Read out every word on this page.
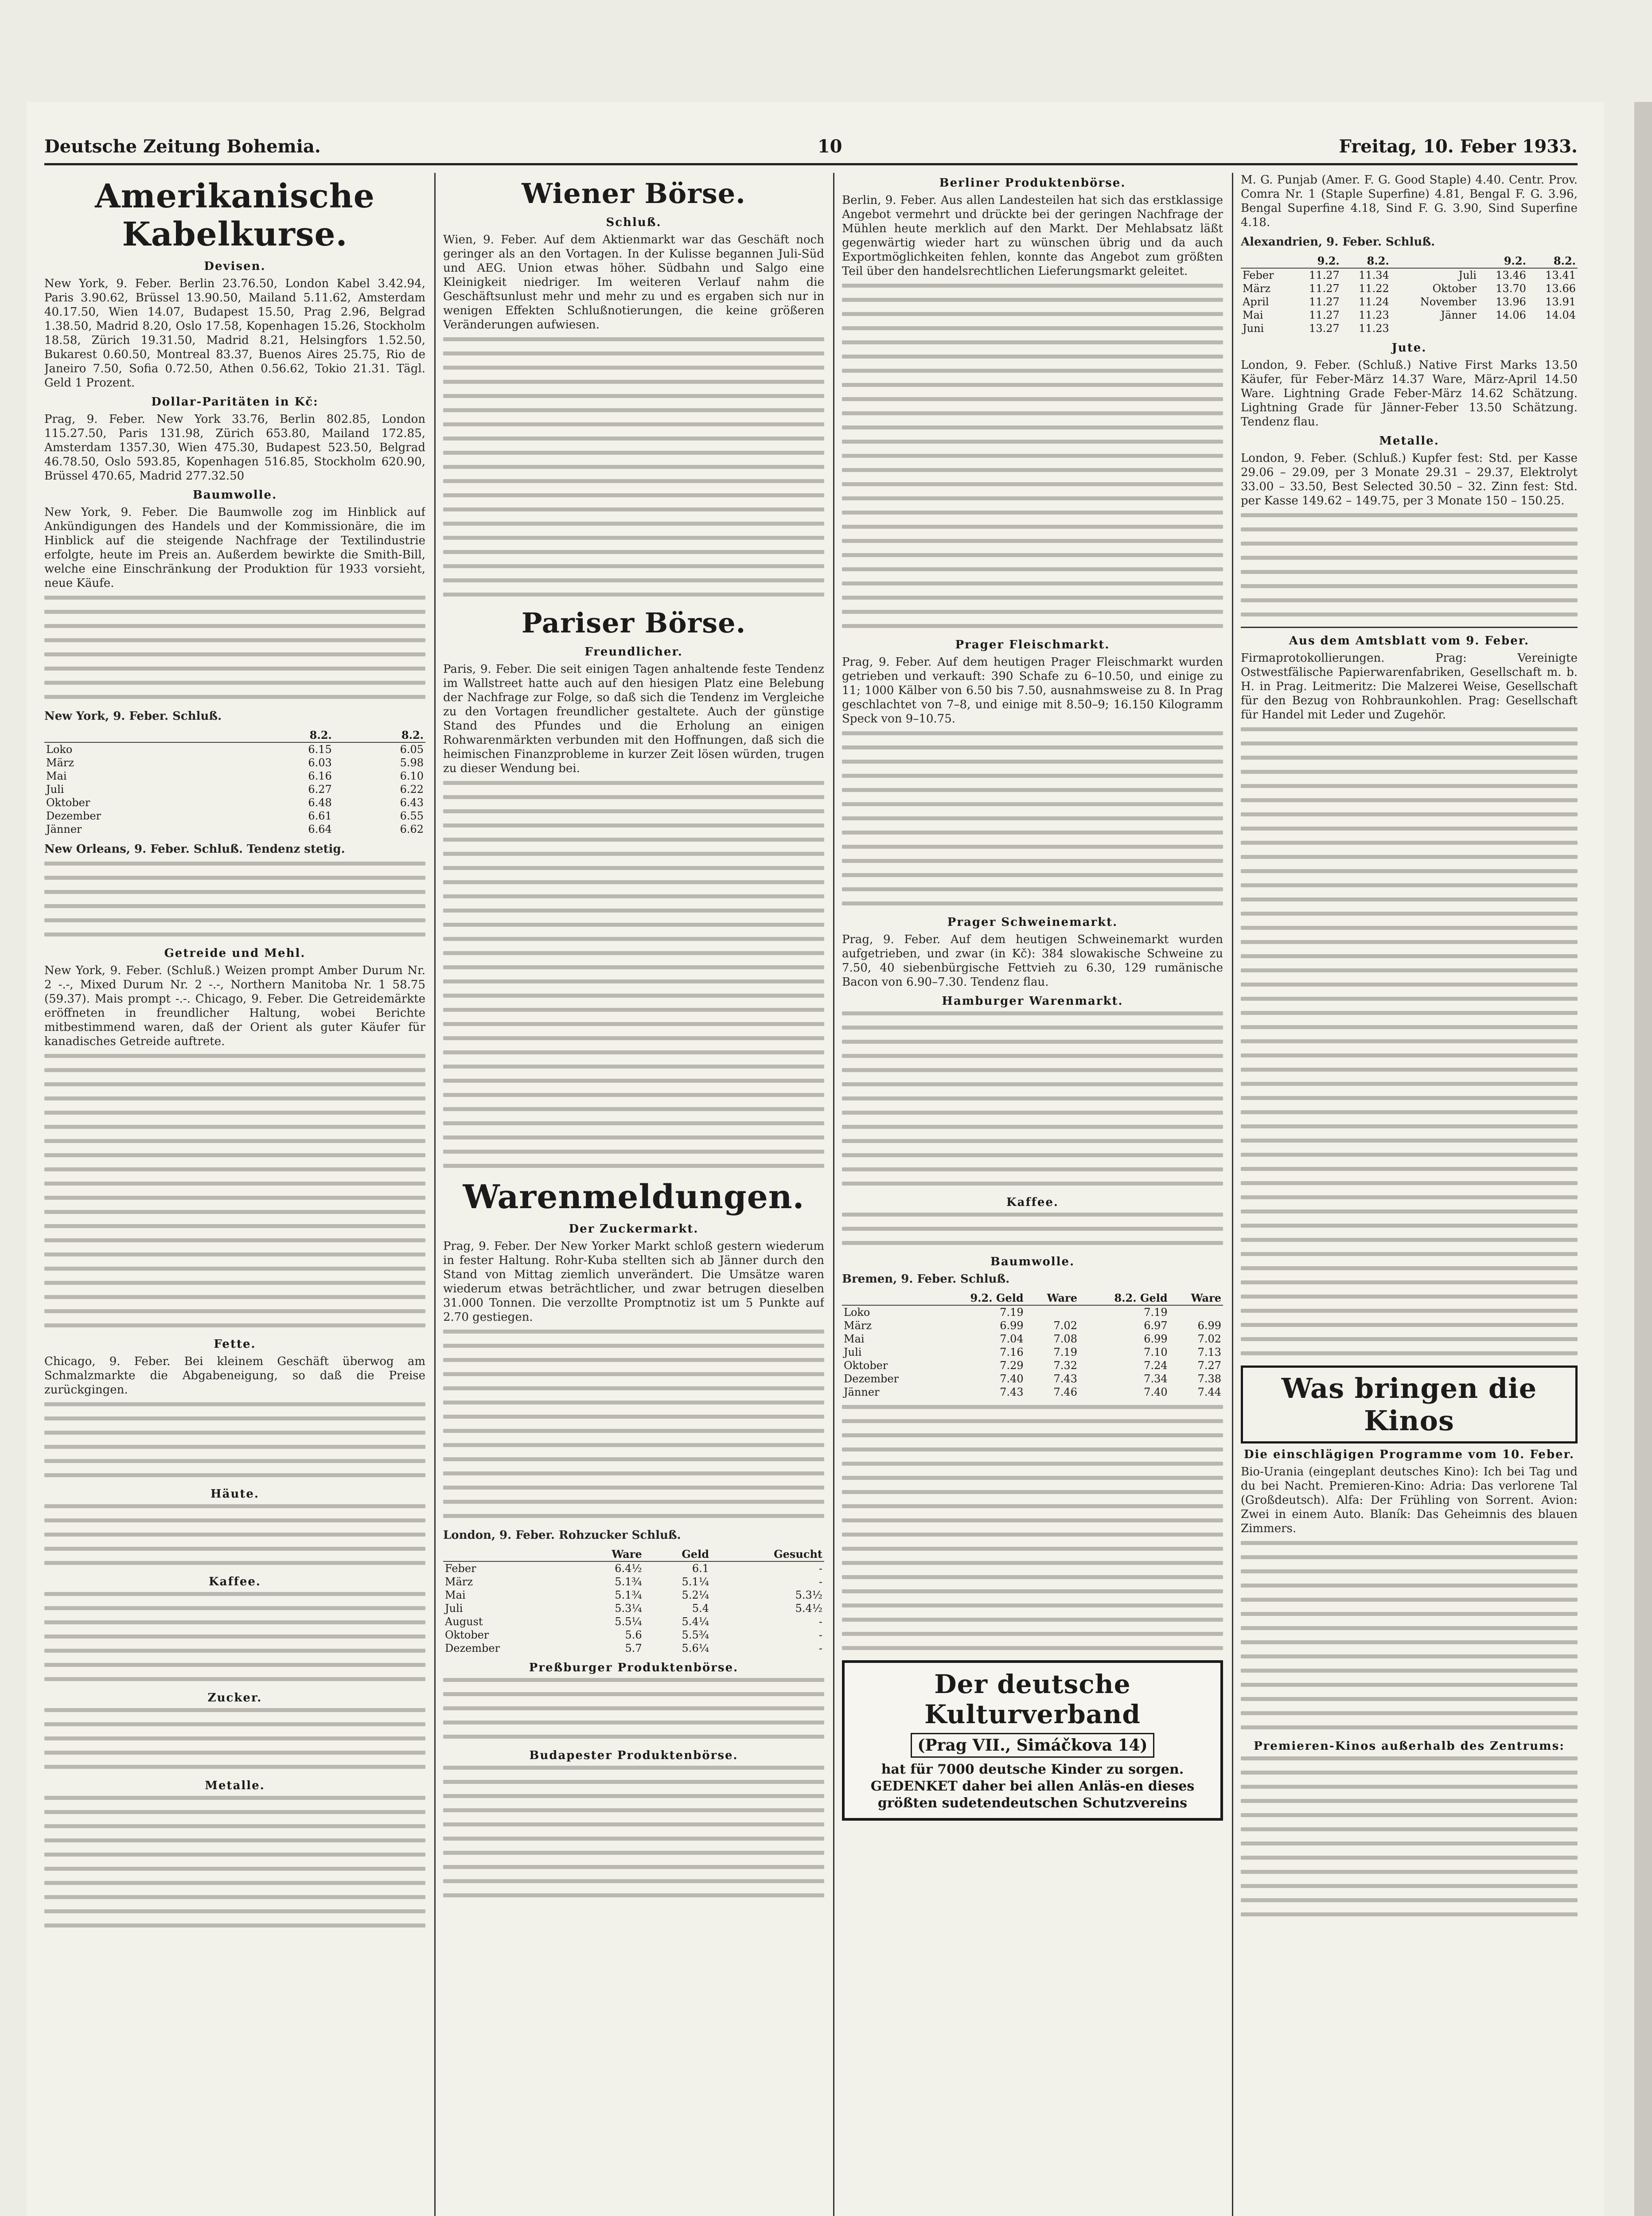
Deutsche Zeitung Bohemia.	10	Freitag, 10. Feber 1933.
Amerikanische Kabelkurse.
Devisen.

New York, 9. Feber. Berlin 23.76.50, London Kabel 3.42.94, Paris 3.90.62, Brüssel 13.90.50, Mailand 5.11.62, Amsterdam 40.17.50, Wien 14.07, Budapest 15.50, Prag 2.96, Belgrad 1.38.50, Madrid 8.20, Oslo 17.58, Kopenhagen 15.26, Stockholm 18.58, Zürich 19.31.50, Madrid 8.21, Helsingfors 1.52.50, Bukarest 0.60.50, Montreal 83.37, Buenos Aires 25.75, Rio de Janeiro 7.50, Sofia 0.72.50, Athen 0.56.62, Tokio 21.31. Tägl. Geld 1 Prozent.

Dollar-Paritäten in Kč:

Prag, 9. Feber. New York 33.76, Berlin 802.85, London 115.27.50, Paris 131.98, Zürich 653.80, Mailand 172.85, Amsterdam 1357.30, Wien 475.30, Budapest 523.50, Belgrad 46.78.50, Oslo 593.85, Kopenhagen 516.85, Stockholm 620.90, Brüssel 470.65, Madrid 277.32.50

Baumwolle.

New York, 9. Feber. Die Baumwolle zog im Hinblick auf Ankündigungen des Handels und der Kommissionäre, die im Hinblick auf die steigende Nachfrage der Textilindustrie erfolgte, heute im Preis an. Außerdem bewirkte die Smith-Bill, welche eine Einschränkung der Produktion für 1933 vorsieht, neue Käufe.

New York, 9. Feber. Schluß.

	8.2.	8.2.
Loko	6.15	6.05
März	6.03	5.98
Mai	6.16	6.10
Juli	6.27	6.22
Oktober	6.48	6.43
Dezember	6.61	6.55
Jänner	6.64	6.62

New Orleans, 9. Feber. Schluß. Tendenz stetig.

Getreide und Mehl.

New York, 9. Feber. (Schluß.) Weizen prompt Amber Durum Nr. 2 -.-, Mixed Durum Nr. 2 -.-, Northern Manitoba Nr. 1 58.75 (59.37). Mais prompt -.-. Chicago, 9. Feber. Die Getreidemärkte eröffneten in freundlicher Haltung, wobei Berichte mitbestimmend waren, daß der Orient als guter Käufer für kanadisches Getreide auftrete.

Fette.

Chicago, 9. Feber. Bei kleinem Geschäft überwog am Schmalzmarkte die Abgabeneigung, so daß die Preise zurückgingen.

Häute.
Kaffee.
Zucker.
Metalle.
Wiener Börse.
Schluß.

Wien, 9. Feber. Auf dem Aktienmarkt war das Geschäft noch geringer als an den Vortagen. In der Kulisse begannen Juli-Süd und AEG. Union etwas höher. Südbahn und Salgo eine Kleinigkeit niedriger. Im weiteren Verlauf nahm die Geschäftsunlust mehr und mehr zu und es ergaben sich nur in wenigen Effekten Schlußnotierungen, die keine größeren Veränderungen aufwiesen.

Pariser Börse.
Freundlicher.

Paris, 9. Feber. Die seit einigen Tagen anhaltende feste Tendenz im Wallstreet hatte auch auf den hiesigen Platz eine Belebung der Nachfrage zur Folge, so daß sich die Tendenz im Vergleiche zu den Vortagen freundlicher gestaltete. Auch der günstige Stand des Pfundes und die Erholung an einigen Rohwarenmärkten verbunden mit den Hoffnungen, daß sich die heimischen Finanzprobleme in kurzer Zeit lösen würden, trugen zu dieser Wendung bei.

Warenmeldungen.
Der Zuckermarkt.

Prag, 9. Feber. Der New Yorker Markt schloß gestern wiederum in fester Haltung. Rohr-Kuba stellten sich ab Jänner durch den Stand von Mittag ziemlich unverändert. Die Umsätze waren wiederum etwas beträchtlicher, und zwar betrugen dieselben 31.000 Tonnen. Die verzollte Promptnotiz ist um 5 Punkte auf 2.70 gestiegen.

London, 9. Feber. Rohzucker Schluß.

	Ware	Geld	Gesucht
Feber	6.4½	6.1	-
März	5.1¾	5.1¼	-
Mai	5.1¾	5.2¼	5.3½
Juli	5.3¼	5.4	5.4½
August	5.5¼	5.4¼	-
Oktober	5.6	5.5¾	-
Dezember	5.7	5.6¼	-
Preßburger Produktenbörse.
Budapester Produktenbörse.
Berliner Produktenbörse.

Berlin, 9. Feber. Aus allen Landesteilen hat sich das erstklassige Angebot vermehrt und drückte bei der geringen Nachfrage der Mühlen heute merklich auf den Markt. Der Mehlabsatz läßt gegenwärtig wieder hart zu wünschen übrig und da auch Exportmöglichkeiten fehlen, konnte das Angebot zum größten Teil über den handelsrechtlichen Lieferungsmarkt geleitet.

Prager Fleischmarkt.

Prag, 9. Feber. Auf dem heutigen Prager Fleischmarkt wurden getrieben und verkauft: 390 Schafe zu 6–10.50, und einige zu 11; 1000 Kälber von 6.50 bis 7.50, ausnahmsweise zu 8. In Prag geschlachtet von 7–8, und einige mit 8.50–9; 16.150 Kilogramm Speck von 9–10.75.

Prager Schweinemarkt.

Prag, 9. Feber. Auf dem heutigen Schweinemarkt wurden aufgetrieben, und zwar (in Kč): 384 slowakische Schweine zu 7.50, 40 siebenbürgische Fettvieh zu 6.30, 129 rumänische Bacon von 6.90–7.30. Tendenz flau.

Hamburger Warenmarkt.
Kaffee.
Baumwolle.

Bremen, 9. Feber. Schluß.

	9.2. Geld	Ware	8.2. Geld	Ware
Loko	7.19		7.19	
März	6.99	7.02	6.97	6.99
Mai	7.04	7.08	6.99	7.02
Juli	7.16	7.19	7.10	7.13
Oktober	7.29	7.32	7.24	7.27
Dezember	7.40	7.43	7.34	7.38
Jänner	7.43	7.46	7.40	7.44
Der deutsche Kulturverband
(Prag VII., Simáčkova 14)
hat für 7000 deutsche Kinder zu sorgen. GEDENKET daher bei allen Anläs-en dieses größten sudetendeutschen Schutzvereins

M. G. Punjab (Amer. F. G. Good Staple) 4.40. Centr. Prov. Comra Nr. 1 (Staple Superfine) 4.81, Bengal F. G. 3.96, Bengal Superfine 4.18, Sind F. G. 3.90, Sind Superfine 4.18.

Alexandrien, 9. Feber. Schluß.

	9.2.	8.2.		9.2.	8.2.
Feber	11.27	11.34	Juli	13.46	13.41
März	11.27	11.22	Oktober	13.70	13.66
April	11.27	11.24	November	13.96	13.91
Mai	11.27	11.23	Jänner	14.06	14.04
Juni	13.27	11.23			
Jute.

London, 9. Feber. (Schluß.) Native First Marks 13.50 Käufer, für Feber-März 14.37 Ware, März-April 14.50 Ware. Lightning Grade Feber-März 14.62 Schätzung. Lightning Grade für Jänner-Feber 13.50 Schätzung. Tendenz flau.

Metalle.

London, 9. Feber. (Schluß.) Kupfer fest: Std. per Kasse 29.06 – 29.09, per 3 Monate 29.31 – 29.37, Elektrolyt 33.00 – 33.50, Best Selected 30.50 – 32. Zinn fest: Std. per Kasse 149.62 – 149.75, per 3 Monate 150 – 150.25.

Aus dem Amtsblatt vom 9. Feber.

Firmaprotokollierungen. Prag: Vereinigte Ostwestfälische Papierwarenfabriken, Gesellschaft m. b. H. in Prag. Leitmeritz: Die Malzerei Weise, Gesellschaft für den Bezug von Rohbraunkohlen. Prag: Gesellschaft für Handel mit Leder und Zugehör.

Was bringen die Kinos
Die einschlägigen Programme vom 10. Feber.

Bio-Urania (eingeplant deutsches Kino): Ich bei Tag und du bei Nacht. Premieren-Kino: Adria: Das verlorene Tal (Großdeutsch). Alfa: Der Frühling von Sorrent. Avion: Zwei in einem Auto. Blaník: Das Geheimnis des blauen Zimmers.

Premieren-Kinos außerhalb des Zentrums:
